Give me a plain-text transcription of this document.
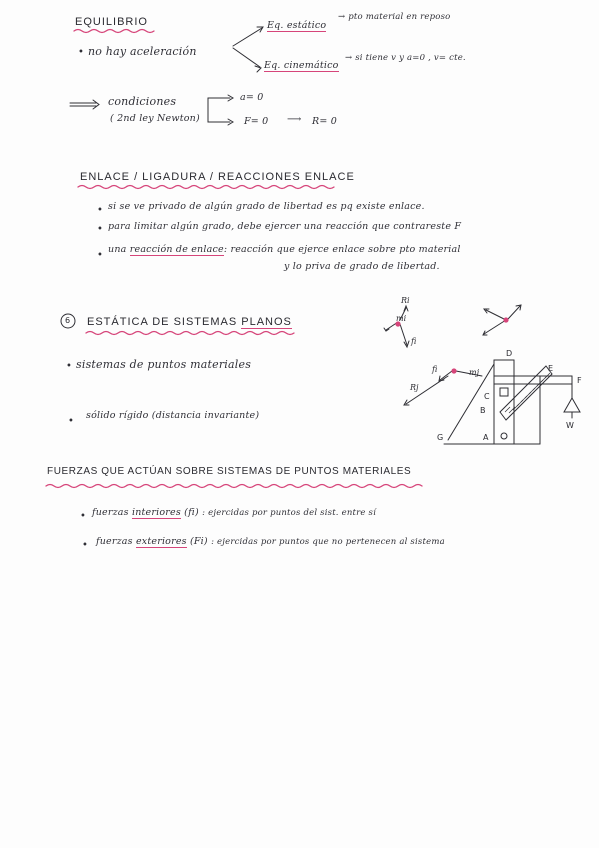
EQUILIBRIO
• no hay aceleración
Eq. estático
→ pto material en reposo
Eq. cinemático
→ si tiene v y a=0 , v= cte.
condiciones
( 2nd ley Newton)
a= 0
F= 0 ⟶ R= 0
ENLACE / LIGADURA / REACCIONES ENLACE
• si se ve privado de algún grado de libertad es pq existe enlace.
• para limitar algún grado, debe ejercer una reacción que contrareste F
•
una reacción de enlace: reacción que ejerce enlace sobre pto material
y lo priva de grado de libertad.
6 ESTÁTICA DE SISTEMAS PLANOS
• sistemas de puntos materiales
•
sólido rígido (distancia invariante)
Ri
mi
fi
fi	mj
Rj
D
E
F
C
B
G	A
W
FUERZAS QUE ACTÚAN SOBRE SISTEMAS DE PUNTOS MATERIALES
• fuerzas interiores (fi) : ejercidas por puntos del sist. entre sí
• fuerzas exteriores (Fi) : ejercidas por puntos que no pertenecen al sistema
